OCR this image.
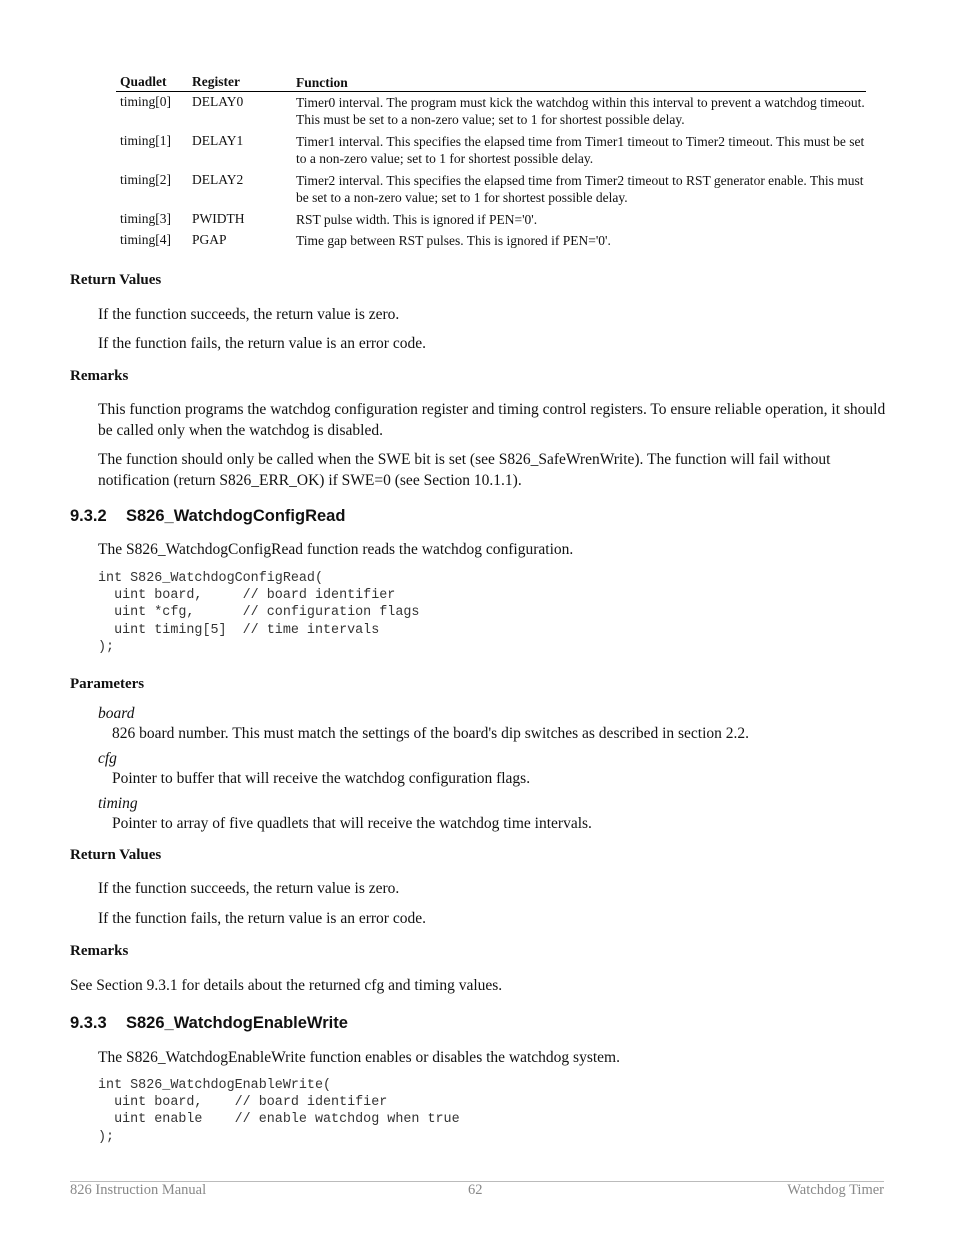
Quadlet Register	Function
timing[0] DELAY0	Timer0 interval. The program must kick the watchdog within this interval to prevent a watchdog timeout. This must be set to a non-zero value; set to 1 for shortest possible delay.
timing[1] DELAY1	Timer1 interval. This specifies the elapsed time from Timer1 timeout to Timer2 timeout. This must be set to a non-zero value; set to 1 for shortest possible delay.
timing[2] DELAY2	Timer2 interval. This specifies the elapsed time from Timer2 timeout to RST generator enable. This must be set to a non-zero value; set to 1 for shortest possible delay.
timing[3] PWIDTH	RST pulse width. This is ignored if PEN='0'.
timing[4] PGAP	Time gap between RST pulses. This is ignored if PEN='0'.
Return Values
If the function succeeds, the return value is zero.
If the function fails, the return value is an error code.
Remarks
This function programs the watchdog configuration register and timing control registers. To ensure reliable operation, it should be called only when the watchdog is disabled.
The function should only be called when the SWE bit is set (see S826_SafeWrenWrite). The function will fail without notification (return S826_ERR_OK) if SWE=0 (see Section 10.1.1).
9.3.2 S826_WatchdogConfigRead
The S826_WatchdogConfigRead function reads the watchdog configuration.
int S826_WatchdogConfigRead(
uint board,     // board identifier
uint *cfg,      // configuration flags
uint timing[5]  // time intervals
);
Parameters
board
826 board number. This must match the settings of the board's dip switches as described in section 2.2.
cfg
Pointer to buffer that will receive the watchdog configuration flags.
timing
Pointer to array of five quadlets that will receive the watchdog time intervals.
Return Values
If the function succeeds, the return value is zero.
If the function fails, the return value is an error code.
Remarks
See Section 9.3.1 for details about the returned cfg and timing values.
9.3.3 S826_WatchdogEnableWrite
The S826_WatchdogEnableWrite function enables or disables the watchdog system.
int S826_WatchdogEnableWrite(
uint board,    // board identifier
uint enable    // enable watchdog when true
);
826 Instruction Manual	62	Watchdog Timer
